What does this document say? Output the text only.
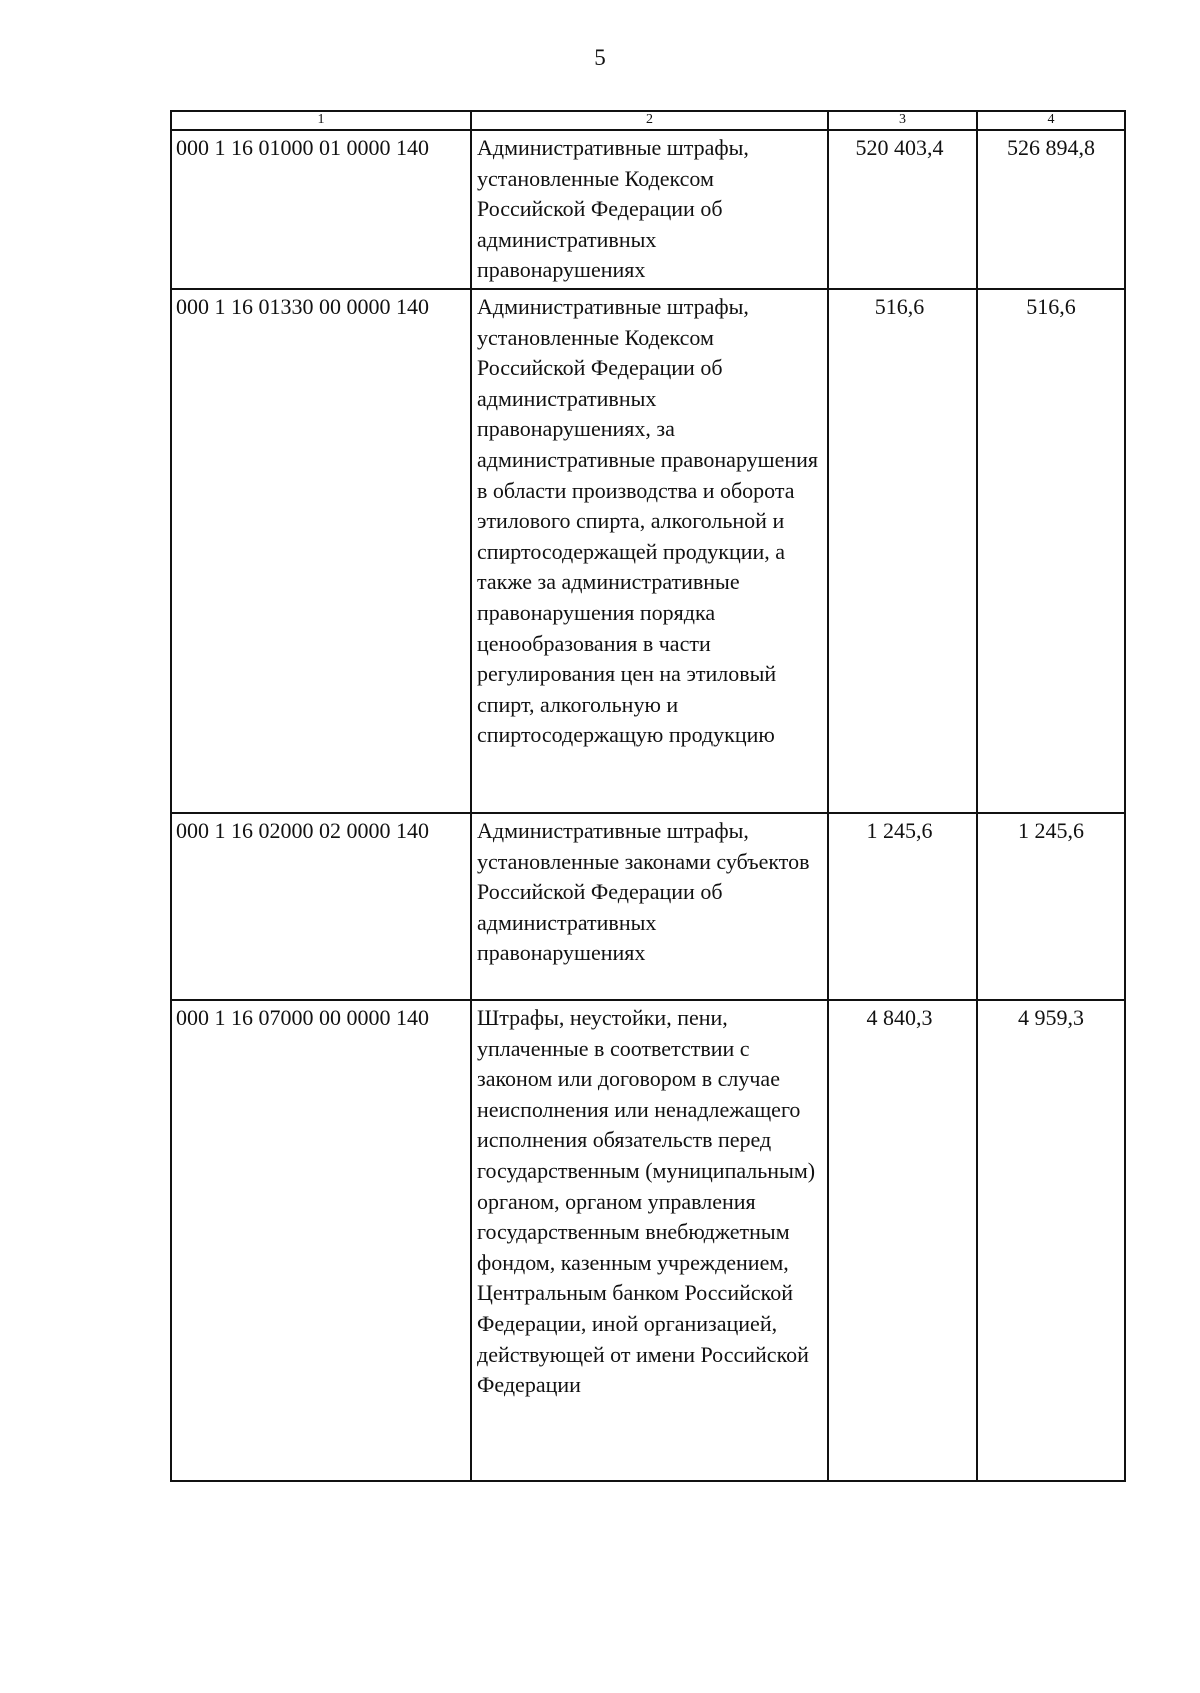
5
1	2	3	4
000 1 16 01000 01 0000 140	Административные штрафы, установленные Кодексом Российской Федерации об административных правонарушениях	520 403,4	526 894,8
000 1 16 01330 00 0000 140	Административные штрафы, установленные Кодексом Российской Федерации об административных правонарушениях, за административные правонарушения в области производства и оборота этилового спирта, алкогольной и спиртосодержащей продукции, а также за административные правонарушения порядка ценообразования в части регулирования цен на этиловый спирт, алкогольную и спиртосодержащую продукцию	516,6	516,6
000 1 16 02000 02 0000 140	Административные штрафы, установленные законами субъектов Российской Федерации об административных правонарушениях	1 245,6	1 245,6
000 1 16 07000 00 0000 140	Штрафы, неустойки, пени, уплаченные в соответствии с законом или договором в случае неисполнения или ненадлежащего исполнения обязательств перед государственным (муниципальным) органом, органом управления государственным внебюджетным фондом, казенным учреждением, Центральным банком Российской Федерации, иной организацией, действующей от имени Российской Федерации	4 840,3	4 959,3
